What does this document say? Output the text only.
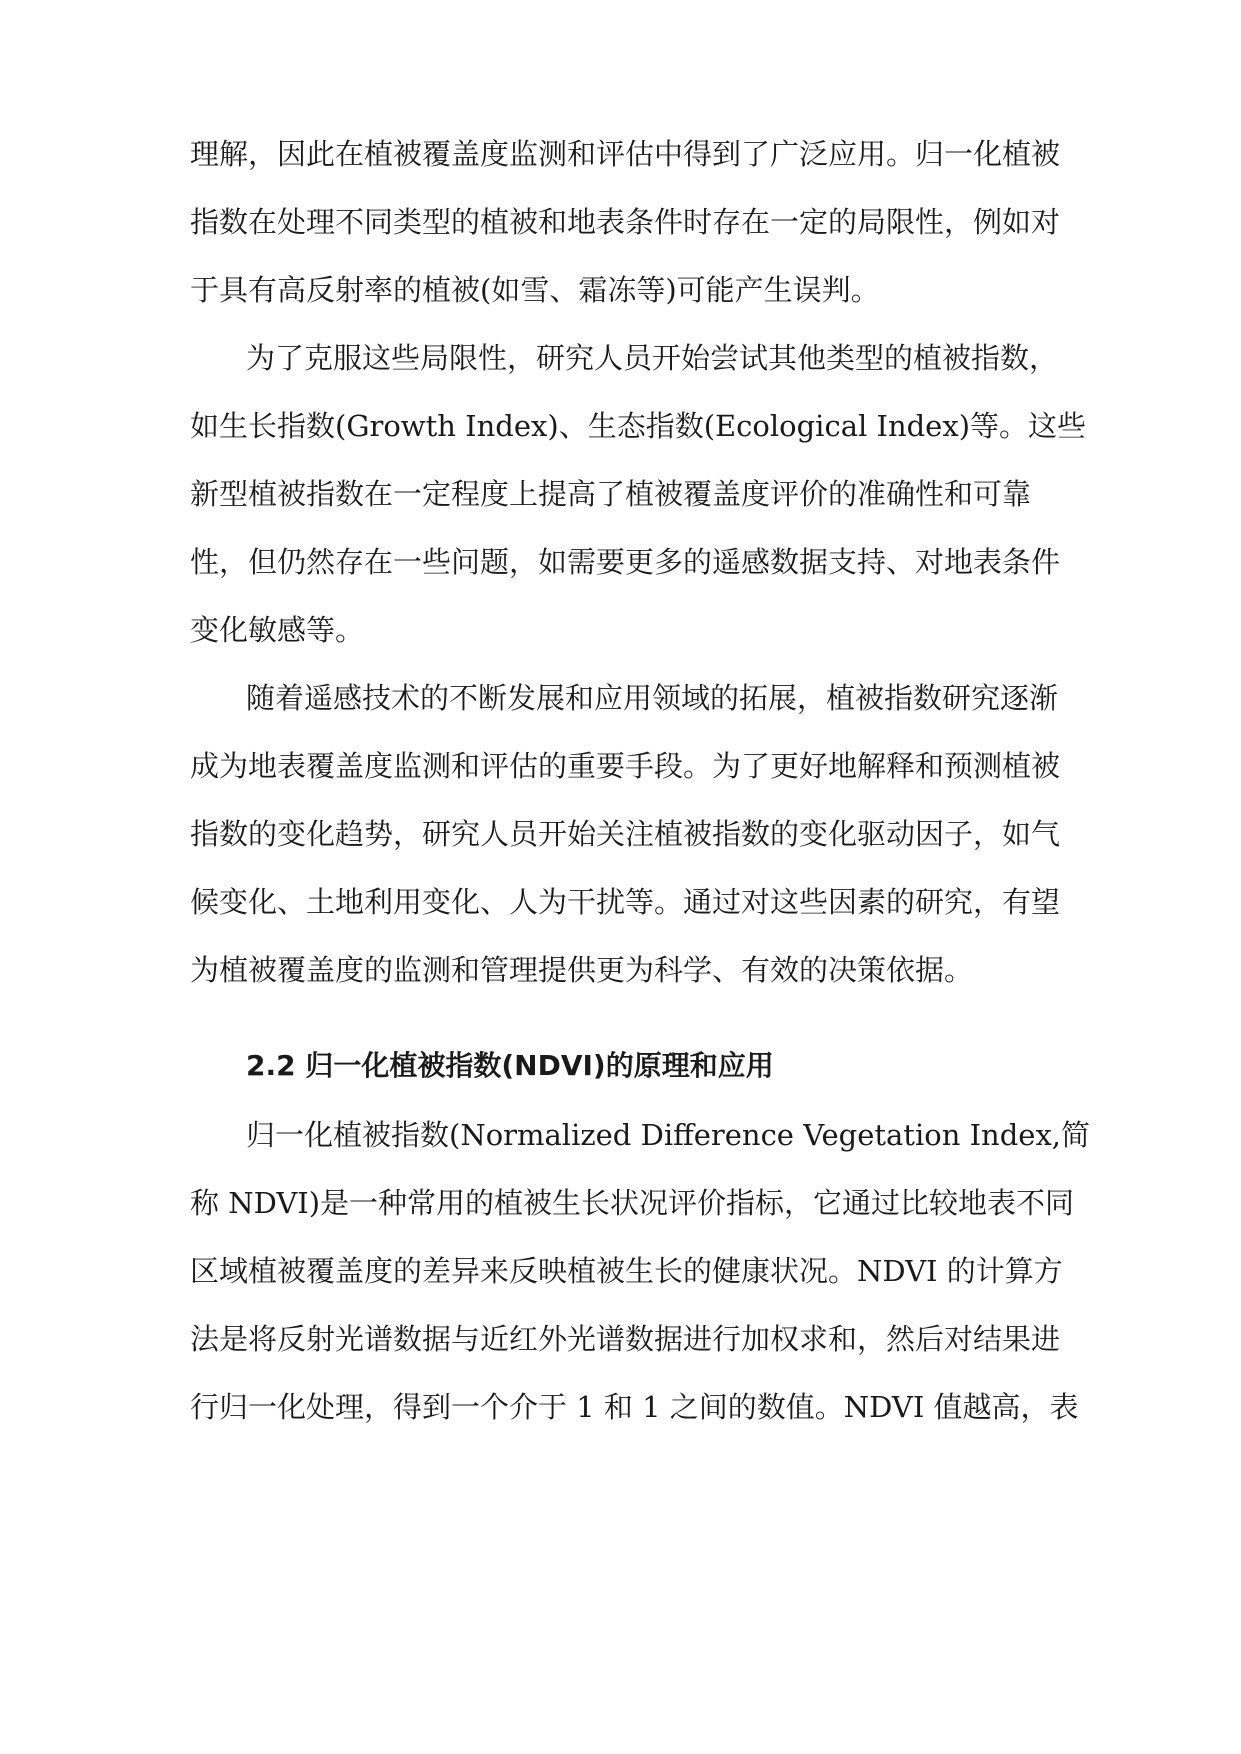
理解，因此在植被覆盖度监测和评估中得到了广泛应用。归一化植被
指数在处理不同类型的植被和地表条件时存在一定的局限性，例如对
于具有高反射率的植被(如雪、霜冻等)可能产生误判。
为了克服这些局限性，研究人员开始尝试其他类型的植被指数，
如生长指数(Growth Index)、生态指数(Ecological Index)等。这些
新型植被指数在一定程度上提高了植被覆盖度评价的准确性和可靠
性，但仍然存在一些问题，如需要更多的遥感数据支持、对地表条件
变化敏感等。
随着遥感技术的不断发展和应用领域的拓展，植被指数研究逐渐
成为地表覆盖度监测和评估的重要手段。为了更好地解释和预测植被
指数的变化趋势，研究人员开始关注植被指数的变化驱动因子，如气
候变化、土地利用变化、人为干扰等。通过对这些因素的研究，有望
为植被覆盖度的监测和管理提供更为科学、有效的决策依据。
2.2 归一化植被指数(NDVI)的原理和应用
归一化植被指数(Normalized Difference Vegetation Index,简
称 NDVI)是一种常用的植被生长状况评价指标，它通过比较地表不同
区域植被覆盖度的差异来反映植被生长的健康状况。NDVI 的计算方
法是将反射光谱数据与近红外光谱数据进行加权求和，然后对结果进
行归一化处理，得到一个介于 1 和 1 之间的数值。NDVI 值越高，表
